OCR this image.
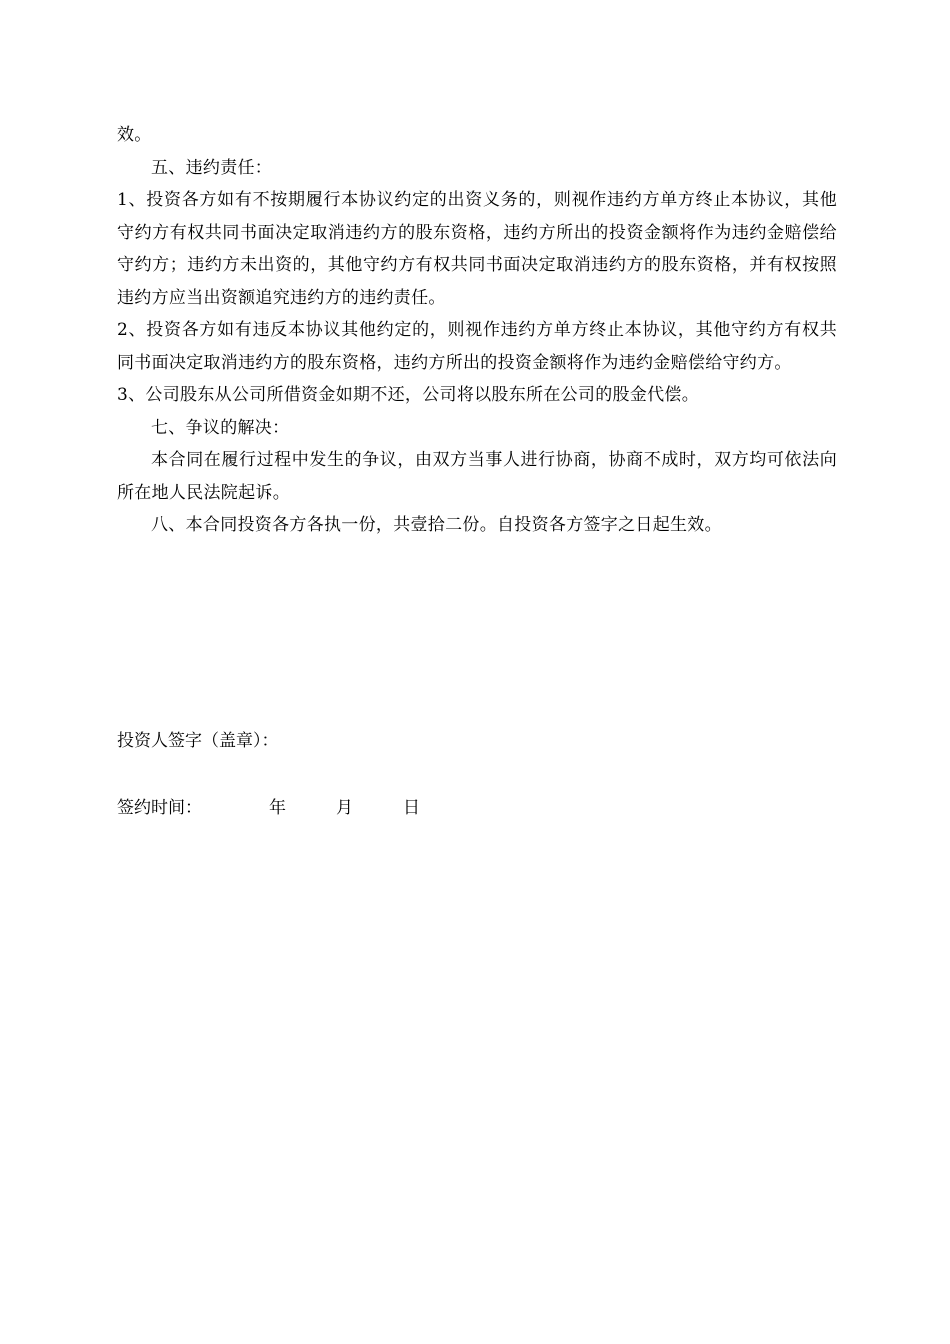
效。

五、违约责任：

1、投资各方如有不按期履行本协议约定的出资义务的，则视作违约方单方终止本协议，其他守约方有权共同书面决定取消违约方的股东资格，违约方所出的投资金额将作为违约金赔偿给守约方；违约方未出资的，其他守约方有权共同书面决定取消违约方的股东资格，并有权按照违约方应当出资额追究违约方的违约责任。

2、投资各方如有违反本协议其他约定的，则视作违约方单方终止本协议，其他守约方有权共同书面决定取消违约方的股东资格，违约方所出的投资金额将作为违约金赔偿给守约方。

3、公司股东从公司所借资金如期不还，公司将以股东所在公司的股金代偿。

七、争议的解决：

本合同在履行过程中发生的争议，由双方当事人进行协商，协商不成时，双方均可依法向所在地人民法院起诉。

八、本合同投资各方各执一份，共壹拾二份。自投资各方签字之日起生效。

投资人签字（盖章）：

签约时间：	年	月	日
